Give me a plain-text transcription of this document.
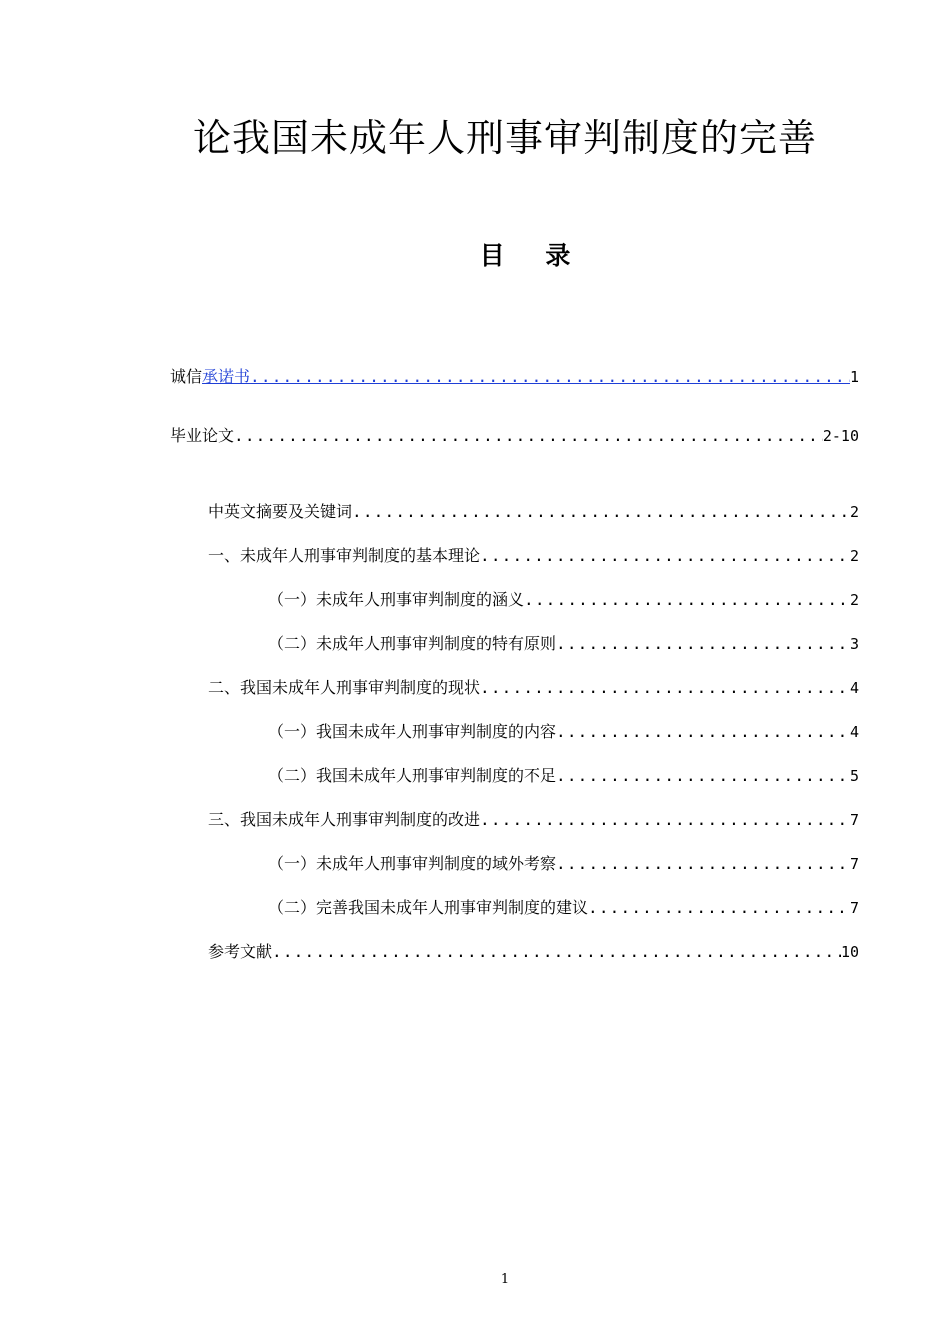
论我国未成年人刑事审判制度的完善
目 录
诚信 承诺书 .....	1
毕业论文 .....	2-10
中英文摘要及关键词 .....	2
一、未成年人刑事审判制度的基本理论 .....	2
（一）未成年人刑事审判制度的涵义 .....	2
（二）未成年人刑事审判制度的特有原则 .....	3
二、我国未成年人刑事审判制度的现状 .....	4
（一）我国未成年人刑事审判制度的内容 .....	4
（二）我国未成年人刑事审判制度的不足 .....	5
三、我国未成年人刑事审判制度的改进 .....	7
（一）未成年人刑事审判制度的域外考察 .....	7
（二）完善我国未成年人刑事审判制度的建议 .....	7
参考文献 .....	10
1
